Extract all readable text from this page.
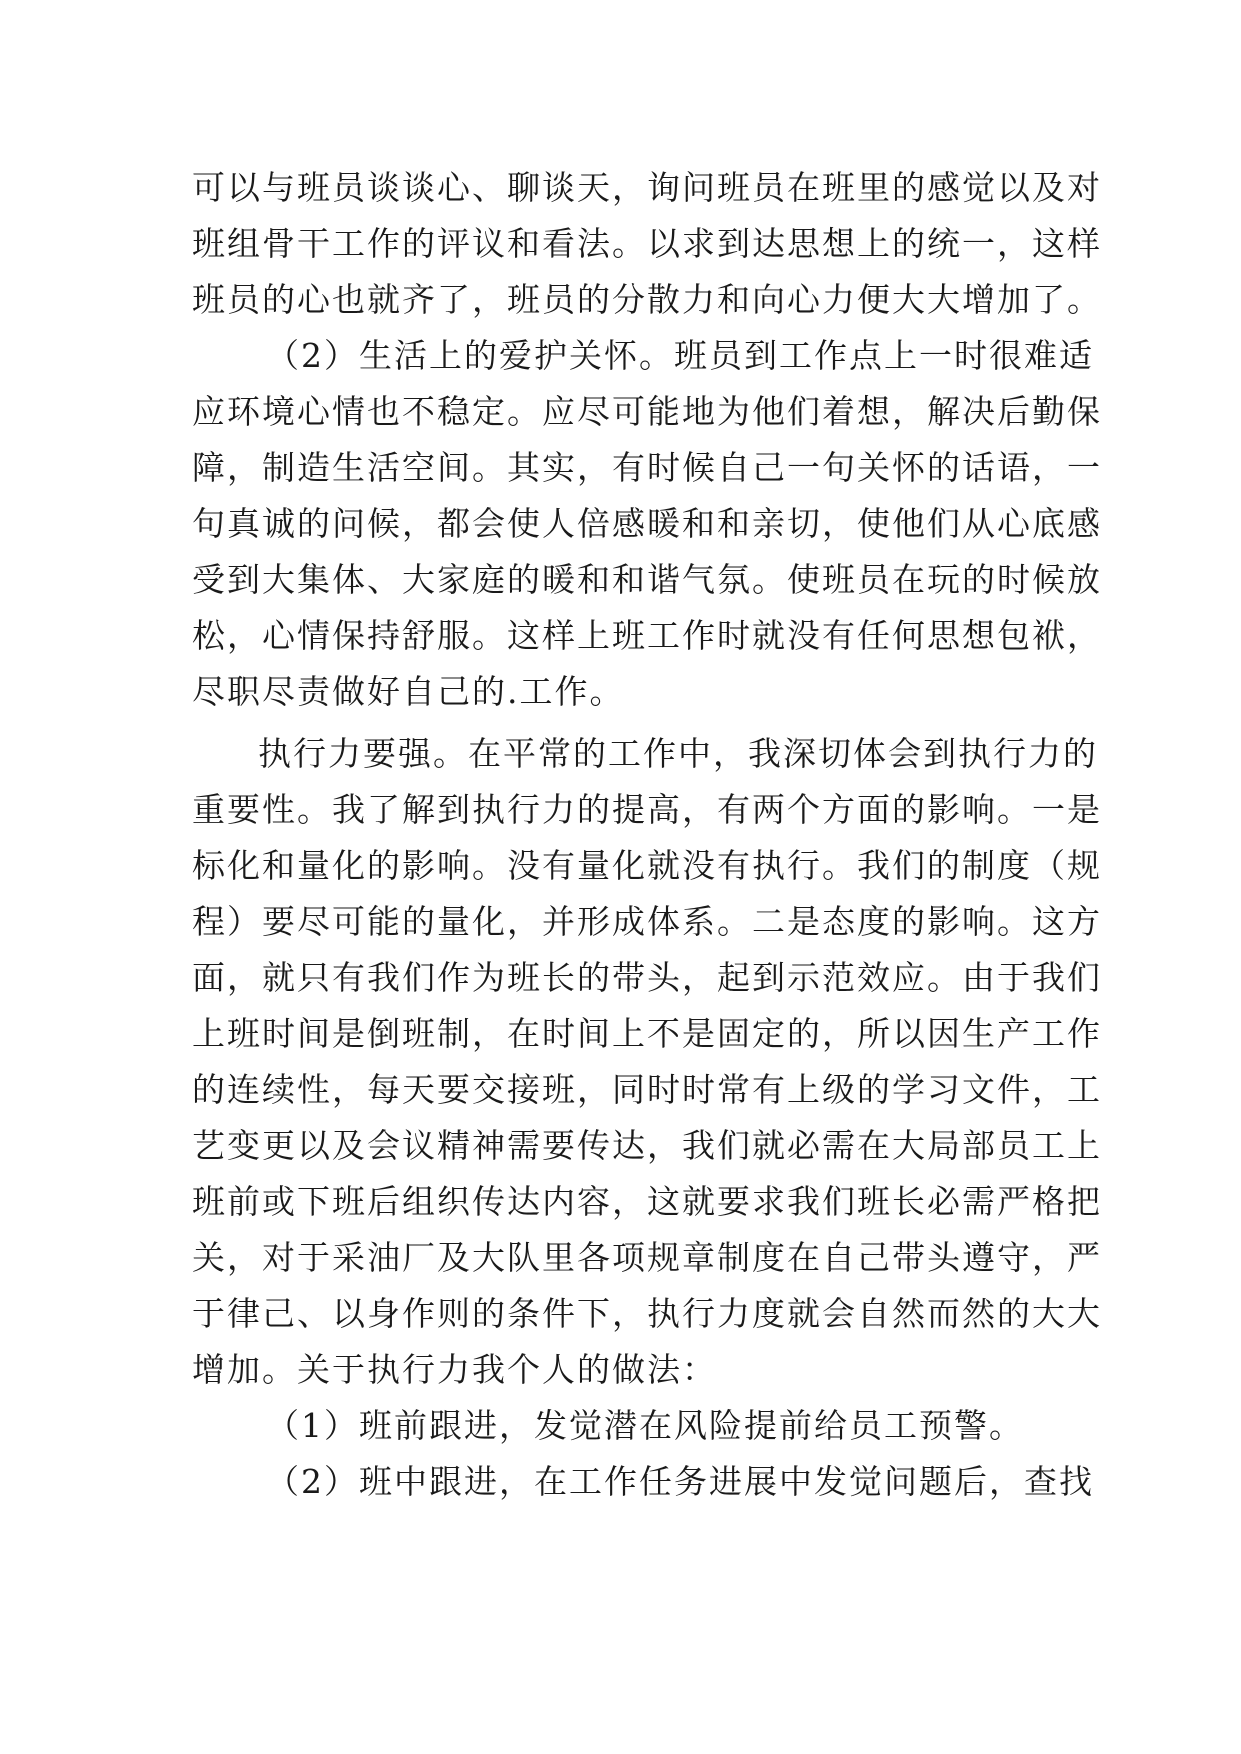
可以与班员谈谈心、聊谈天，询问班员在班里的感觉以及对
班组骨干工作的评议和看法。以求到达思想上的统一，这样
班员的心也就齐了，班员的分散力和向心力便大大增加了。
（2）生活上的爱护关怀。班员到工作点上一时很难适
应环境心情也不稳定。应尽可能地为他们着想，解决后勤保
障，制造生活空间。其实，有时候自己一句关怀的话语，一
句真诚的问候，都会使人倍感暖和和亲切，使他们从心底感
受到大集体、大家庭的暖和和谐气氛。使班员在玩的时候放
松，心情保持舒服。这样上班工作时就没有任何思想包袱，
尽职尽责做好自己的.工作。
执行力要强。在平常的工作中，我深切体会到执行力的
重要性。我了解到执行力的提高，有两个方面的影响。一是
标化和量化的影响。没有量化就没有执行。我们的制度（规
程）要尽可能的量化，并形成体系。二是态度的影响。这方
面，就只有我们作为班长的带头，起到示范效应。由于我们
上班时间是倒班制，在时间上不是固定的，所以因生产工作
的连续性，每天要交接班，同时时常有上级的学习文件，工
艺变更以及会议精神需要传达，我们就必需在大局部员工上
班前或下班后组织传达内容，这就要求我们班长必需严格把
关，对于采油厂及大队里各项规章制度在自己带头遵守，严
于律己、以身作则的条件下，执行力度就会自然而然的大大
增加。关于执行力我个人的做法：
（1）班前跟进，发觉潜在风险提前给员工预警。
（2）班中跟进，在工作任务进展中发觉问题后，查找
